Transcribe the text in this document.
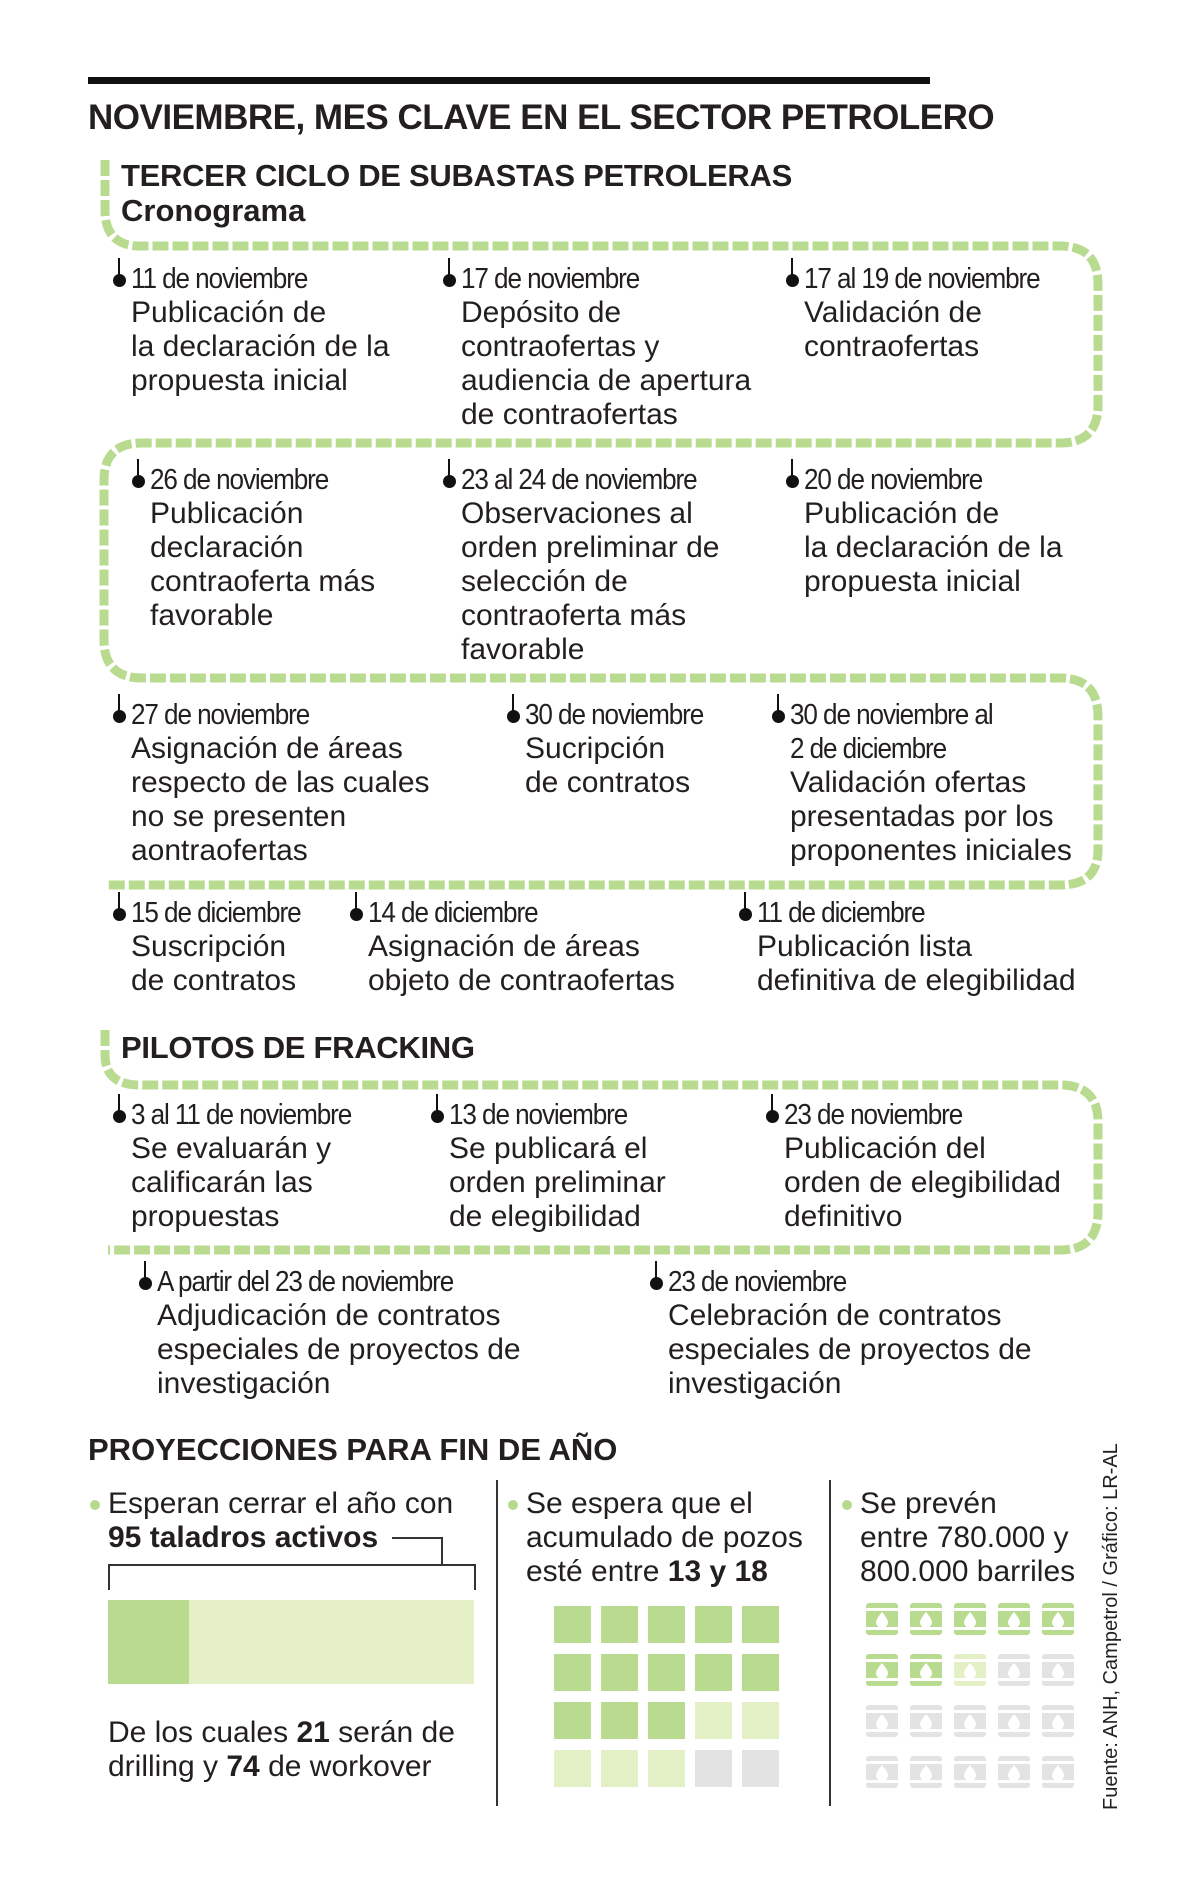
NOVIEMBRE, MES CLAVE EN EL SECTOR PETROLERO
TERCER CICLO DE SUBASTAS PETROLERAS
Cronograma
11 de noviembre
Publicación de
la declaración de la
propuesta inicial
17 de noviembre
Depósito de
contraofertas y
audiencia de apertura
de contraofertas
17 al 19 de noviembre
Validación de
contraofertas
26 de noviembre
Publicación
declaración
contraoferta más
favorable
23 al 24 de noviembre
Observaciones al
orden preliminar de
selección de
contraoferta más
favorable
20 de noviembre
Publicación de
la declaración de la
propuesta inicial
27 de noviembre
Asignación de áreas
respecto de las cuales
no se presenten
aontraofertas
30 de noviembre
Sucripción
de contratos
30 de noviembre al
2 de diciembre
Validación ofertas
presentadas por los
proponentes iniciales
15 de diciembre
Suscripción
de contratos
14 de diciembre
Asignación de áreas
objeto de contraofertas
11 de diciembre
Publicación lista
definitiva de elegibilidad
PILOTOS DE FRACKING
3 al 11 de noviembre
Se evaluarán y
calificarán las
propuestas
13 de noviembre
Se publicará el
orden preliminar
de elegibilidad
23 de noviembre
Publicación del
orden de elegibilidad
definitivo
A partir del 23 de noviembre
Adjudicación de contratos
especiales de proyectos de
investigación
23 de noviembre
Celebración de contratos
especiales de proyectos de
investigación
PROYECCIONES PARA FIN DE AÑO
Esperan cerrar el año con
95 taladros activos
De los cuales 21 serán de
drilling y 74 de workover
Se espera que el
acumulado de pozos
esté entre 13 y 18
Se prevén
entre 780.000 y
800.000 barriles Fuente: ANH, Campetrol / Gráfico: LR-AL
